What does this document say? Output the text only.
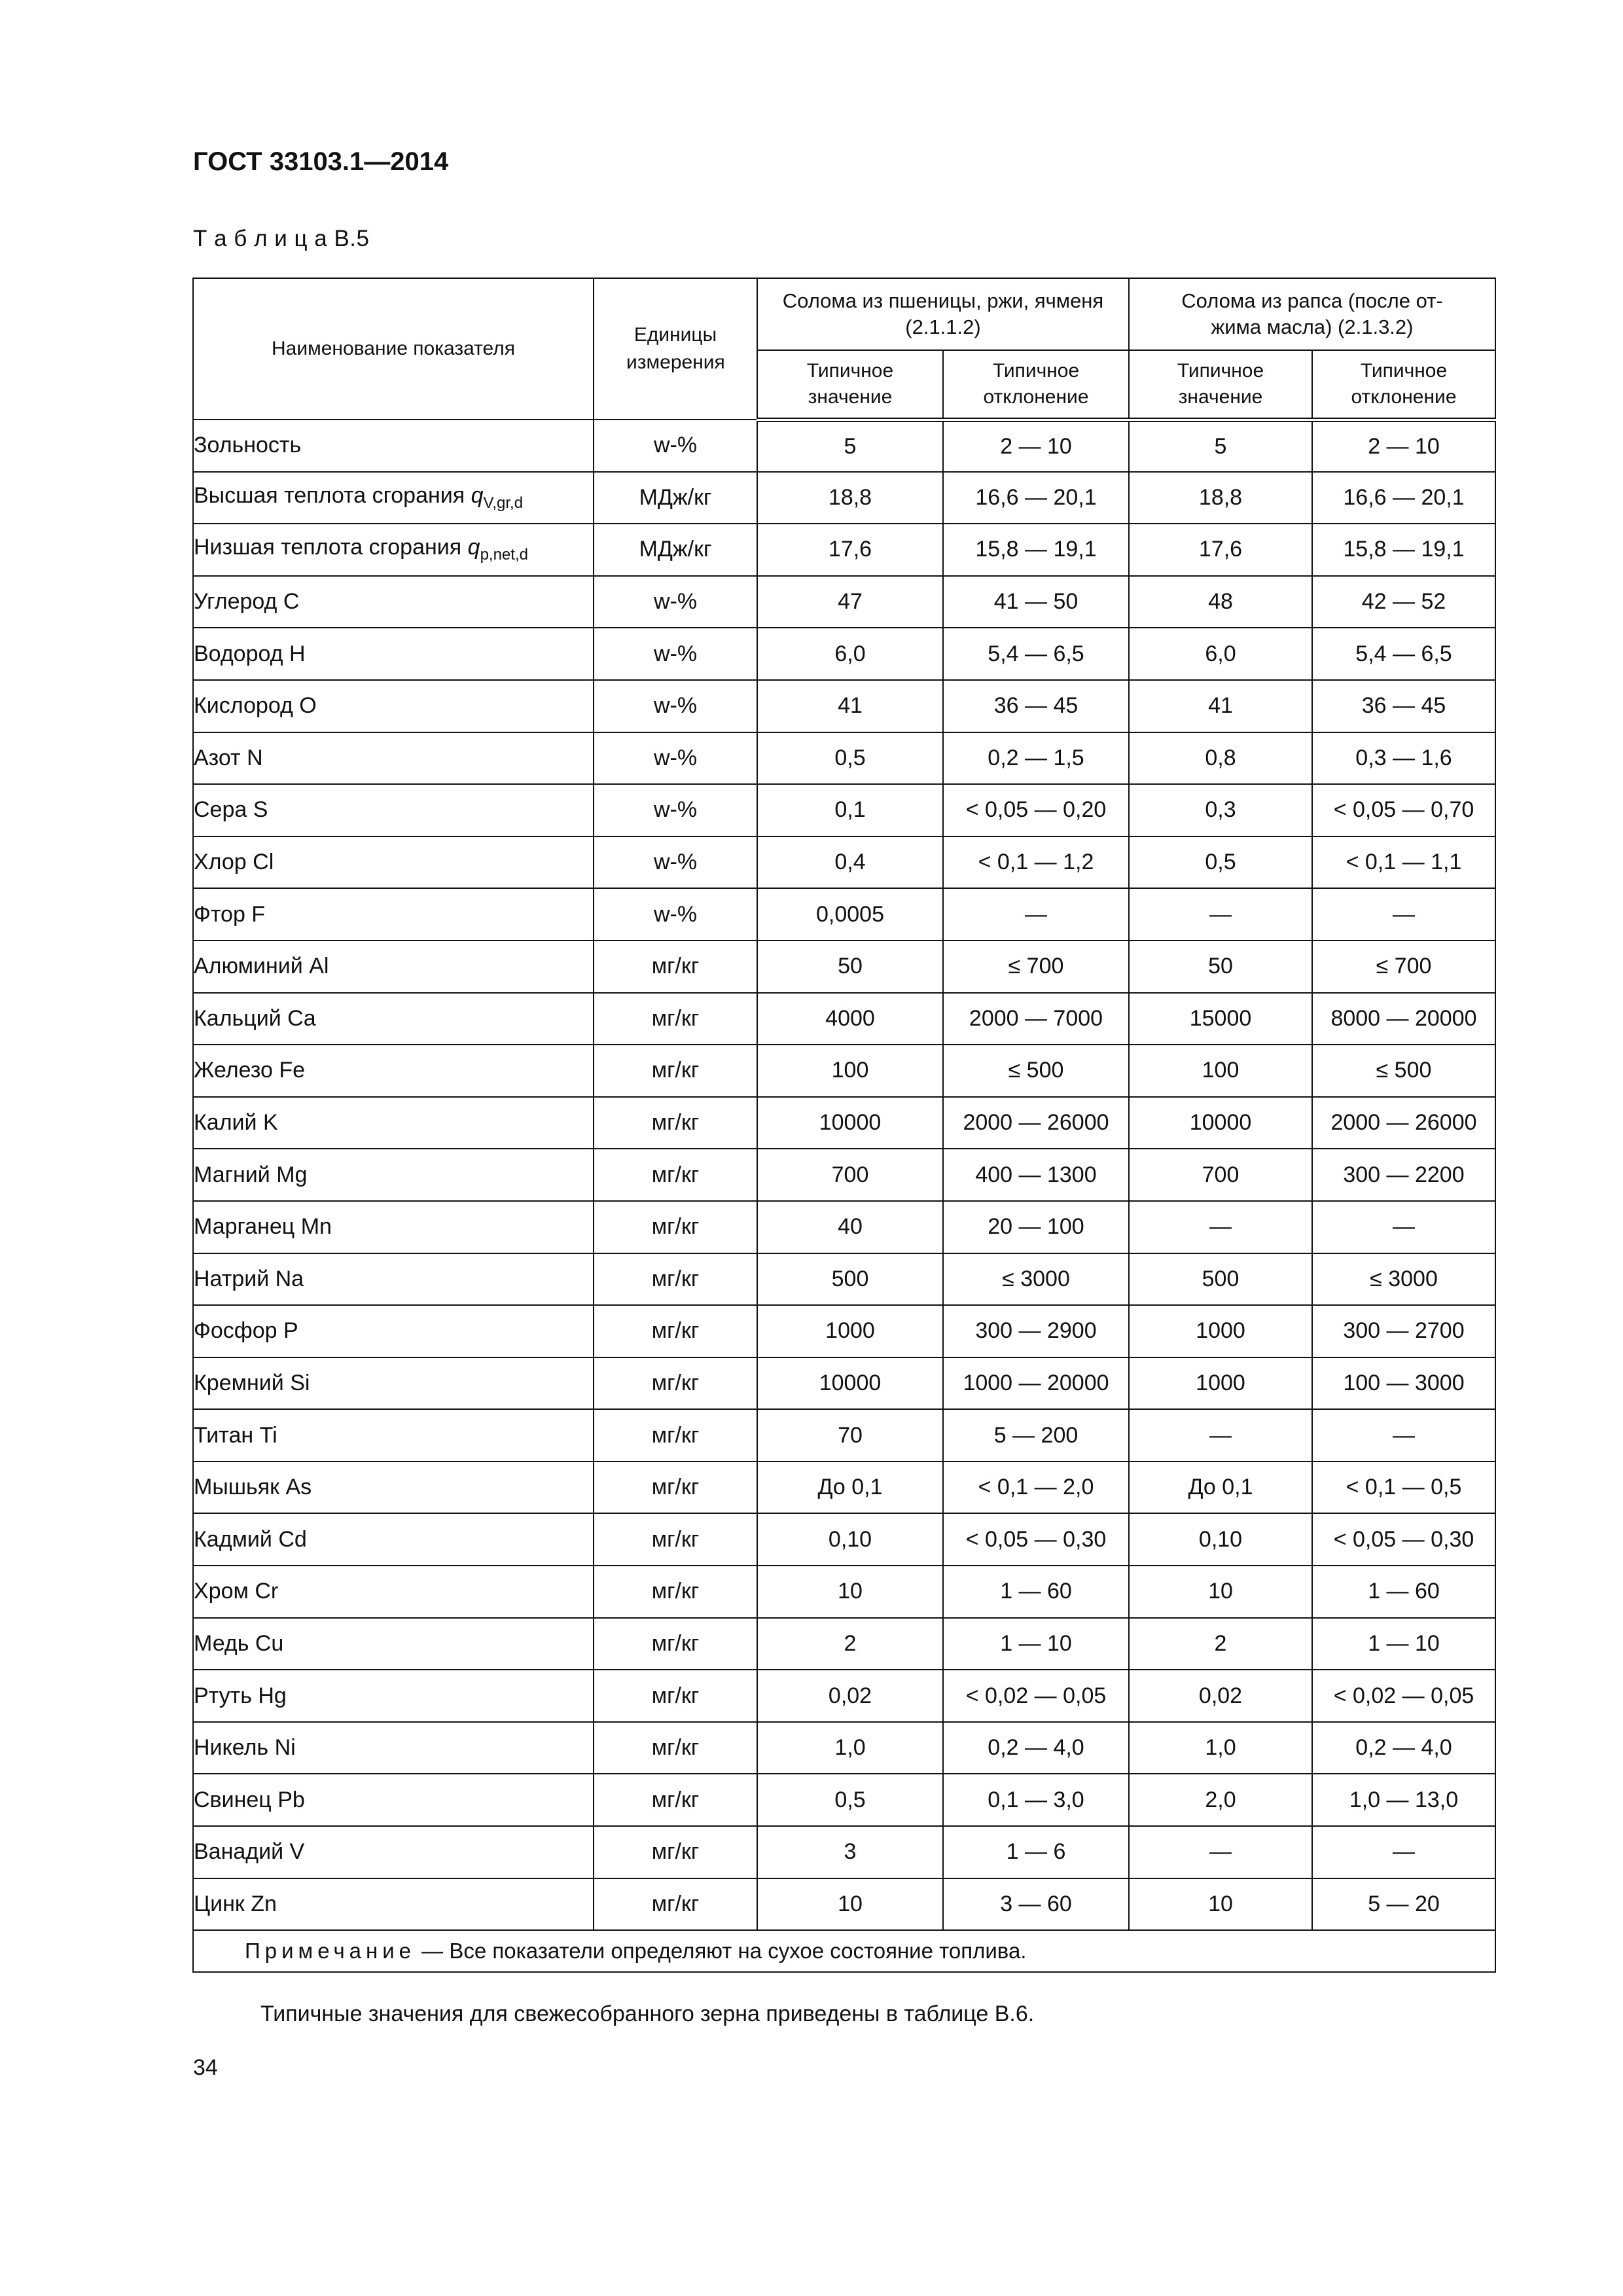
ГОСТ 33103.1—2014
Т а б л и ц а В.5
Наименование показателя	Единицы измерения	Солома из пшеницы, ржи, ячменя (2.1.1.2)		Солома из рапса (после от-жима масла) (2.1.3.2)	

		Типичное значение	Типичное отклонение	Типичное значение	Типичное отклонение

Зольность	w-%	5	2 — 10	5	2 — 10
Высшая теплота сгорания $q_{V,gr,d}$	МДж/кг	18,8	16,6 — 20,1	18,8	16,6 — 20,1
Низшая теплота сгорания $q_{p,net,d}$	МДж/кг	17,6	15,8 — 19,1	17,6	15,8 — 19,1
Углерод C	w-%	47	41 — 50	48	42 — 52
Водород H	w-%	6,0	5,4 — 6,5	6,0	5,4 — 6,5
Кислород O	w-%	41	36 — 45	41	36 — 45
Азот N	w-%	0,5	0,2 — 1,5	0,8	0,3 — 1,6
Сера S	w-%	0,1	< 0,05 — 0,20	0,3	< 0,05 — 0,70
Хлор Cl	w-%	0,4	< 0,1 — 1,2	0,5	< 0,1 — 1,1
Фтор F	w-%	0,0005	—	—	—
Алюминий Al	мг/кг	50	≤ 700	50	≤ 700
Кальций Ca	мг/кг	4000	2000 — 7000	15000	8000 — 20000
Железо Fe	мг/кг	100	≤ 500	100	≤ 500
Калий K	мг/кг	10000	2000 — 26000	10000	2000 — 26000
Магний Mg	мг/кг	700	400 — 1300	700	300 — 2200
Марганец Mn	мг/кг	40	20 — 100	—	—
Натрий Na	мг/кг	500	≤ 3000	500	≤ 3000
Фосфор P	мг/кг	1000	300 — 2900	1000	300 — 2700
Кремний Si	мг/кг	10000	1000 — 20000	1000	100 — 3000
Титан Ti	мг/кг	70	5 — 200	—	—
Мышьяк As	мг/кг	До 0,1	< 0,1 — 2,0	До 0,1	< 0,1 — 0,5
Кадмий Cd	мг/кг	0,10	< 0,05 — 0,30	0,10	< 0,05 — 0,30
Хром Cr	мг/кг	10	1 — 60	10	1 — 60
Медь Cu	мг/кг	2	1 — 10	2	1 — 10
Ртуть Hg	мг/кг	0,02	< 0,02 — 0,05	0,02	< 0,02 — 0,05
Никель Ni	мг/кг	1,0	0,2 — 4,0	1,0	0,2 — 4,0
Свинец Pb	мг/кг	0,5	0,1 — 3,0	2,0	1,0 — 13,0
Ванадий V	мг/кг	3	1 — 6	—	—
Цинк Zn	мг/кг	10	3 — 60	10	5 — 20
Примечание — Все показатели определяют на сухое состояние топлива.					
Типичные значения для свежесобранного зерна приведены в таблице В.6.
34
